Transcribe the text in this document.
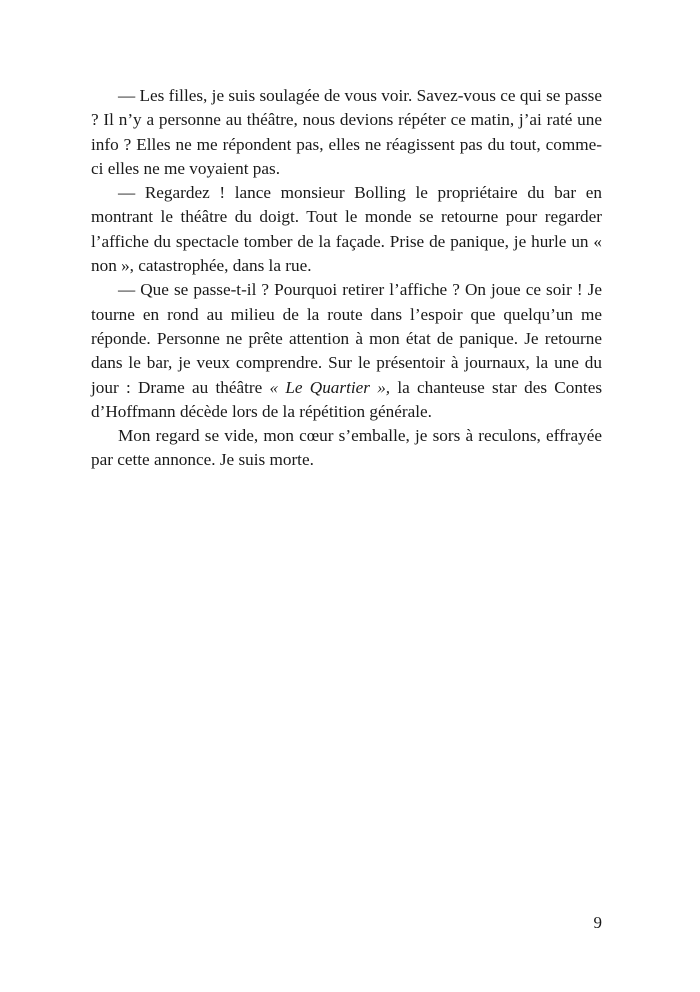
— Les filles, je suis soulagée de vous voir. Savez-vous ce qui se passe ? Il n’y a personne au théâtre, nous devions répéter ce matin, j’ai raté une info ? Elles ne me répondent pas, elles ne réagissent pas du tout, comme-ci elles ne me voyaient pas.

— Regardez ! lance monsieur Bolling le propriétaire du bar en montrant le théâtre du doigt. Tout le monde se retourne pour regarder l’affiche du spectacle tomber de la façade. Prise de panique, je hurle un « non », catastrophée, dans la rue.

— Que se passe-t-il ? Pourquoi retirer l’affiche ? On joue ce soir ! Je tourne en rond au milieu de la route dans l’espoir que quelqu’un me réponde. Personne ne prête attention à mon état de panique. Je retourne dans le bar, je veux comprendre. Sur le présentoir à journaux, la une du jour : Drame au théâtre « Le Quartier », la chanteuse star des Contes d’Hoffmann décède lors de la répétition générale.

Mon regard se vide, mon cœur s’emballe, je sors à reculons, effrayée par cette annonce. Je suis morte.

9
